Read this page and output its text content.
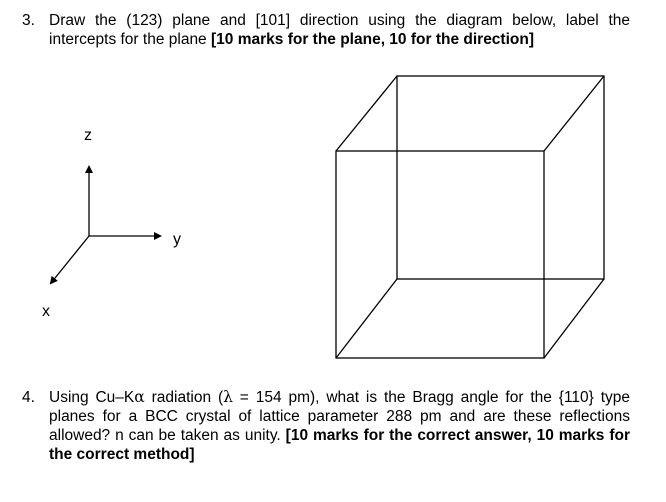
3. Draw the (123) plane and [101] direction using the diagram below, label the intercepts for the plane [10 marks for the plane, 10 for the direction]
z
y
x
4. Using Cu–Kα radiation (λ = 154 pm), what is the Bragg angle for the {110} type planes for a BCC crystal of lattice parameter 288 pm and are these reflections allowed? n can be taken as unity. [10 marks for the correct answer, 10 marks for the correct method]
